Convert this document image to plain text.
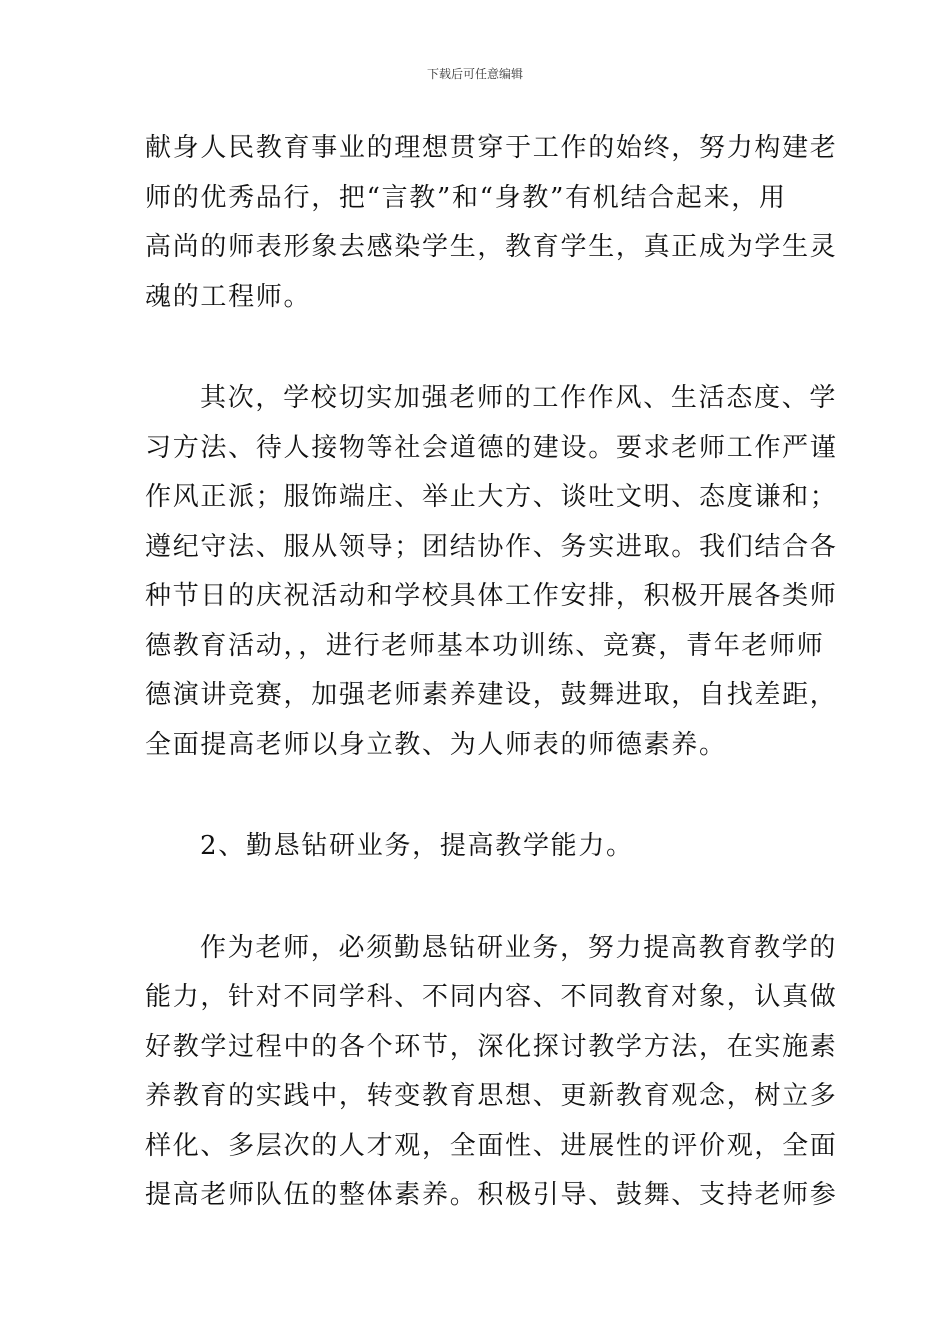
下载后可任意编辑

献身人民教育事业的理想贯穿于工作的始终，努力构建老
师的优秀品行，把“言教”和“身教”有机结合起来，用
高尚的师表形象去感染学生，教育学生，真正成为学生灵
魂的工程师。

其次，学校切实加强老师的工作作风、生活态度、学
习方法、待人接物等社会道德的建设。要求老师工作严谨
作风正派；服饰端庄、举止大方、谈吐文明、态度谦和；
遵纪守法、服从领导；团结协作、务实进取。我们结合各
种节日的庆祝活动和学校具体工作安排，积极开展各类师
德教育活动，，进行老师基本功训练、竞赛，青年老师师
德演讲竞赛，加强老师素养建设，鼓舞进取，自找差距，
全面提高老师以身立教、为人师表的师德素养。

2、勤恳钻研业务，提高教学能力。

作为老师，必须勤恳钻研业务，努力提高教育教学的
能力，针对不同学科、不同内容、不同教育对象，认真做
好教学过程中的各个环节，深化探讨教学方法，在实施素
养教育的实践中，转变教育思想、更新教育观念，树立多
样化、多层次的人才观，全面性、进展性的评价观，全面
提高老师队伍的整体素养。积极引导、鼓舞、支持老师参
